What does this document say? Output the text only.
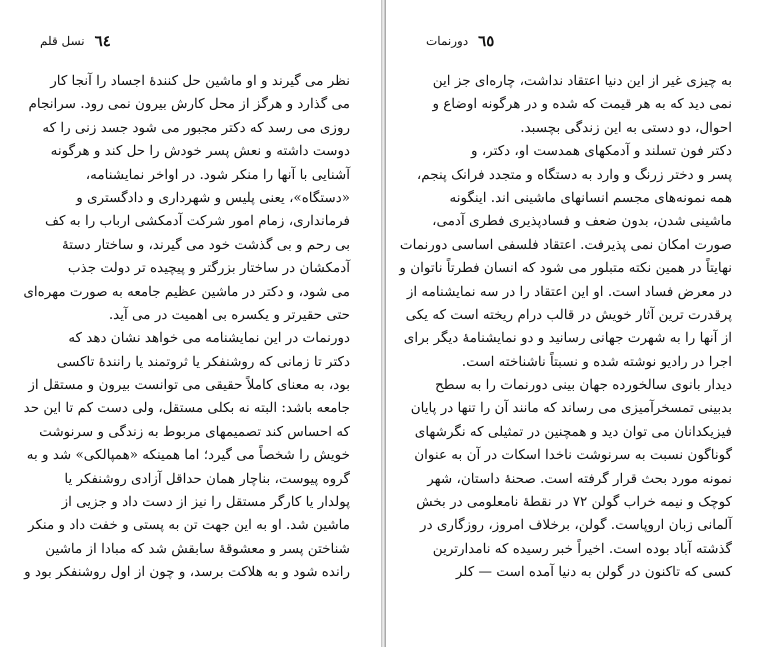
٦٤
نسل قلم
نظر می گیرند و او ماشین حل کنندهٔ اجساد را آنجا کار
می گذارد و هرگز از محل کارش بیرون نمی رود. سرانجام
روزی می رسد که دکتر مجبور می شود جسد زنی را که
دوست داشته و نعش پسر خودش را حل کند و هرگونه
آشنایی با آنها را منکر شود. در اواخر نمایشنامه،
«دستگاه»، یعنی پلیس و شهرداری و دادگستری و
فرمانداری، زمام امور شرکت آدمکشی ارباب را به کف
بی رحم و بی گذشت خود می گیرند، و ساختار دستهٔ
آدمکشان در ساختار بزرگتر و پیچیده تر دولت جذب
می شود، و دکتر در ماشین عظیم جامعه به صورت مهره‌ای
حتی حقیرتر و یکسره بی اهمیت در می آید.
دورنمات در این نمایشنامه می خواهد نشان دهد که
دکتر تا زمانی که روشنفکر یا ثروتمند یا رانندهٔ تاکسی
بود، به معنای کاملاً حقیقی می توانست بیرون و مستقل از
جامعه باشد: البته نه بکلی مستقل، ولی دست کم تا این حد
که احساس کند تصمیمهای مربوط به زندگی و سرنوشت
خویش را شخصاً می گیرد؛ اما همینکه «همپالکی» شد و به
گروه پیوست، بناچار همان حداقل آزادی روشنفکر یا
پولدار یا کارگر مستقل را نیز از دست داد و جزیی از
ماشین شد. او به این جهت تن به پستی و خفت داد و منکر
شناختن پسر و معشوقهٔ سابقش شد که مبادا از ماشین
رانده شود و به هلاکت برسد، و چون از اول روشنفکر بود و
٦٥
دورنمات
به چیزی غیر از این دنیا اعتقاد نداشت، چاره‌ای جز این
نمی دید که به هر قیمت که شده و در هرگونه اوضاع و
احوال، دو دستی به این زندگی بچسبد.
دکتر فون تسلند و آدمکهای همدست او، دکتر، و
پسر و دختر زرنگ و وارد به دستگاه و متجدد فرانک پنجم،
همه نمونه‌های مجسم انسانهای ماشینی اند. اینگونه
ماشینی شدن، بدون ضعف و فسادپذیری فطری آدمی،
صورت امکان نمی پذیرفت. اعتقاد فلسفی اساسی دورنمات
نهایتاً در همین نکته متبلور می شود که انسان فطرتاً ناتوان و
در معرض فساد است. او این اعتقاد را در سه نمایشنامه از
پرقدرت ترین آثار خویش در قالب درام ریخته است که یکی
از آنها را به شهرت جهانی رسانید و دو نمایشنامهٔ دیگر برای
اجرا در رادیو نوشته شده و نسبتاً ناشناخته است.
دیدار بانوی سالخورده جهان بینی دورنمات را به سطح
بدبینی تمسخرآمیزی می رساند که مانند آن را تنها در پایان
فیزیکدانان می توان دید و همچنین در تمثیلی که نگرشهای
گوناگون نسبت به سرنوشت ناخدا اسکات در آن به عنوان
نمونه مورد بحث قرار گرفته است. صحنهٔ داستان، شهر
کوچک و نیمه خراب گولن ۷۲ در نقطهٔ نامعلومی در بخش
آلمانی زبان اروپاست. گولن، برخلاف امروز، روزگاری در
گذشته آباد بوده است. اخیراً خبر رسیده که نامدارترین
کسی که تاکنون در گولن به دنیا آمده است — کلر
